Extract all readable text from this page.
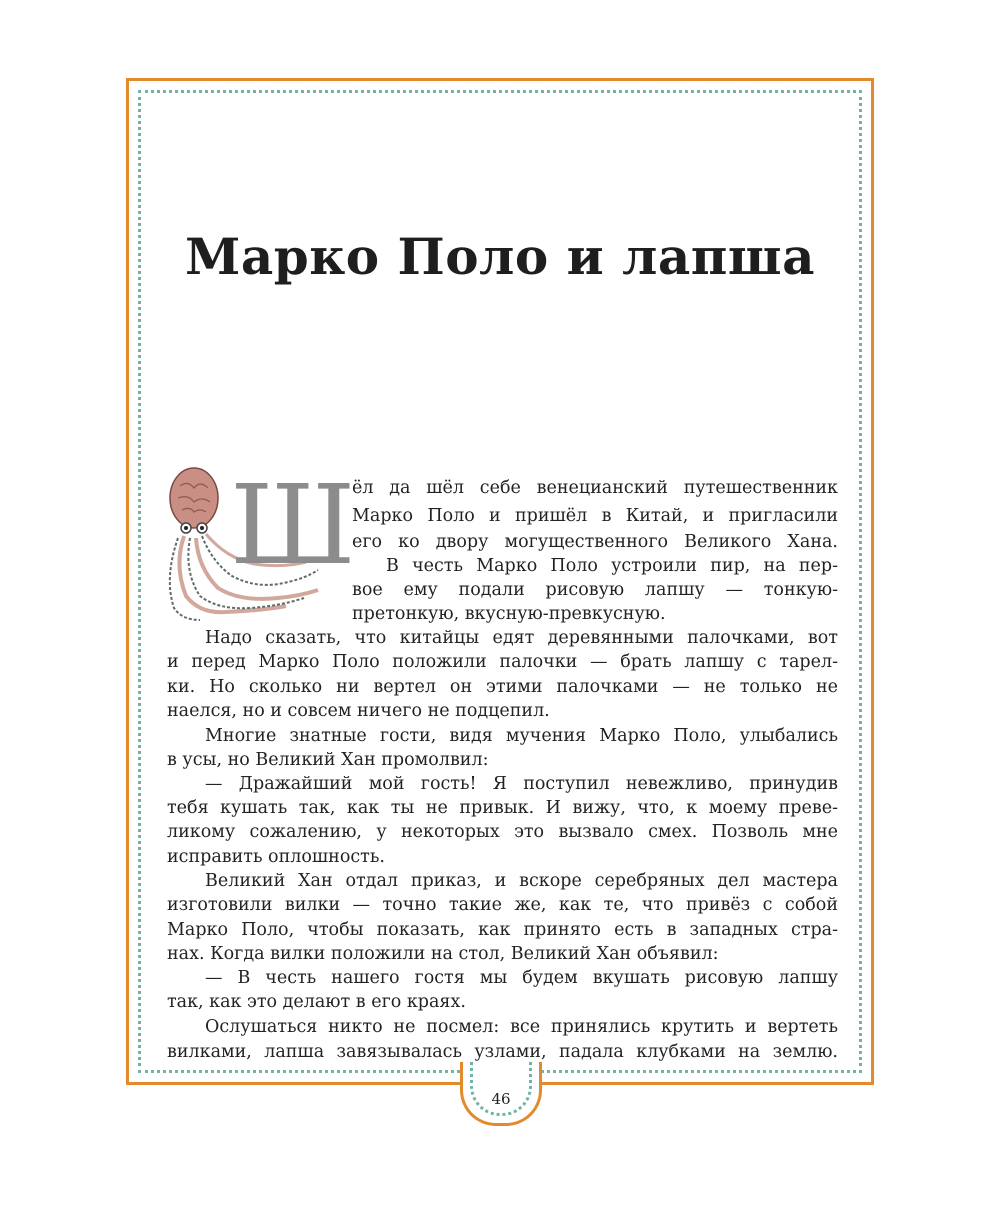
46
Марко Поло и лапша

Ш

ёл да шёл себе венецианский путешественник

Марко Поло и пришёл в Китай, и пригласили

его ко двору могущественного Великого Хана.

В честь Марко Поло устроили пир, на пер-

вое ему подали рисовую лапшу — тонкую-

претонкую, вкусную-превкусную.

Надо сказать, что китайцы едят деревянными палочками, вот

и перед Марко Поло положили палочки — брать лапшу с тарел-

ки. Но сколько ни вертел он этими палочками — не только не

наелся, но и совсем ничего не подцепил.

Многие знатные гости, видя мучения Марко Поло, улыбались

в усы, но Великий Хан промолвил:

— Дражайший мой гость! Я поступил невежливо, принудив

тебя кушать так, как ты не привык. И вижу, что, к моему преве-

ликому сожалению, у некоторых это вызвало смех. Позволь мне

исправить оплошность.

Великий Хан отдал приказ, и вскоре серебряных дел мастера

изготовили вилки — точно такие же, как те, что привёз с собой

Марко Поло, чтобы показать, как принято есть в западных стра-

нах. Когда вилки положили на стол, Великий Хан объявил:

— В честь нашего гостя мы будем вкушать рисовую лапшу

так, как это делают в его краях.

Ослушаться никто не посмел: все принялись крутить и вертеть

вилками, лапша завязывалась узлами, падала клубками на землю.
